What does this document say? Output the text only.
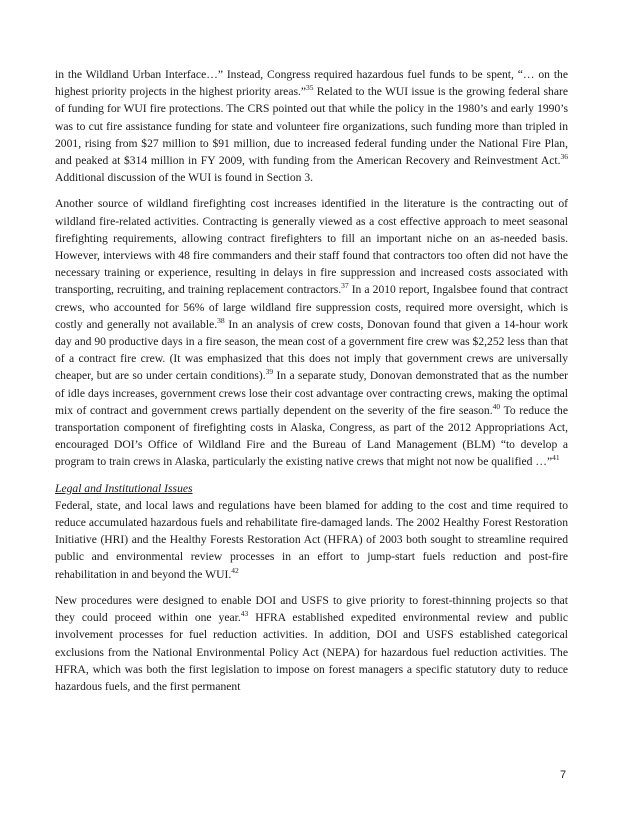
in the Wildland Urban Interface…” Instead, Congress required hazardous fuel funds to be spent, “… on the highest priority projects in the highest priority areas.”$^{35}$ Related to the WUI issue is the growing federal share of funding for WUI fire protections. The CRS pointed out that while the policy in the 1980’s and early 1990’s was to cut fire assistance funding for state and volunteer fire organizations, such funding more than tripled in 2001, rising from $27 million to $91 million, due to increased federal funding under the National Fire Plan, and peaked at $314 million in FY 2009, with funding from the American Recovery and Reinvestment Act.$^{36}$ Additional discussion of the WUI is found in Section 3.

Another source of wildland firefighting cost increases identified in the literature is the contracting out of wildland fire-related activities. Contracting is generally viewed as a cost effective approach to meet seasonal firefighting requirements, allowing contract firefighters to fill an important niche on an as-needed basis. However, interviews with 48 fire commanders and their staff found that contractors too often did not have the necessary training or experience, resulting in delays in fire suppression and increased costs associated with transporting, recruiting, and training replacement contractors.$^{37}$ In a 2010 report, Ingalsbee found that contract crews, who accounted for 56% of large wildland fire suppression costs, required more oversight, which is costly and generally not available.$^{38}$ In an analysis of crew costs, Donovan found that given a 14-hour work day and 90 productive days in a fire season, the mean cost of a government fire crew was $2,252 less than that of a contract fire crew. (It was emphasized that this does not imply that government crews are universally cheaper, but are so under certain conditions).$^{39}$ In a separate study, Donovan demonstrated that as the number of idle days increases, government crews lose their cost advantage over contracting crews, making the optimal mix of contract and government crews partially dependent on the severity of the fire season.$^{40}$ To reduce the transportation component of firefighting costs in Alaska, Congress, as part of the 2012 Appropriations Act, encouraged DOI’s Office of Wildland Fire and the Bureau of Land Management (BLM) “to develop a program to train crews in Alaska, particularly the existing native crews that might not now be qualified …”$^{41}$

Legal and Institutional Issues

Federal, state, and local laws and regulations have been blamed for adding to the cost and time required to reduce accumulated hazardous fuels and rehabilitate fire-damaged lands. The 2002 Healthy Forest Restoration Initiative (HRI) and the Healthy Forests Restoration Act (HFRA) of 2003 both sought to streamline required public and environmental review processes in an effort to jump-start fuels reduction and post-fire rehabilitation in and beyond the WUI.$^{42}$

New procedures were designed to enable DOI and USFS to give priority to forest-thinning projects so that they could proceed within one year.$^{43}$ HFRA established expedited environmental review and public involvement processes for fuel reduction activities. In addition, DOI and USFS established categorical exclusions from the National Environmental Policy Act (NEPA) for hazardous fuel reduction activities. The HFRA, which was both the first legislation to impose on forest managers a specific statutory duty to reduce hazardous fuels, and the first permanent

7
